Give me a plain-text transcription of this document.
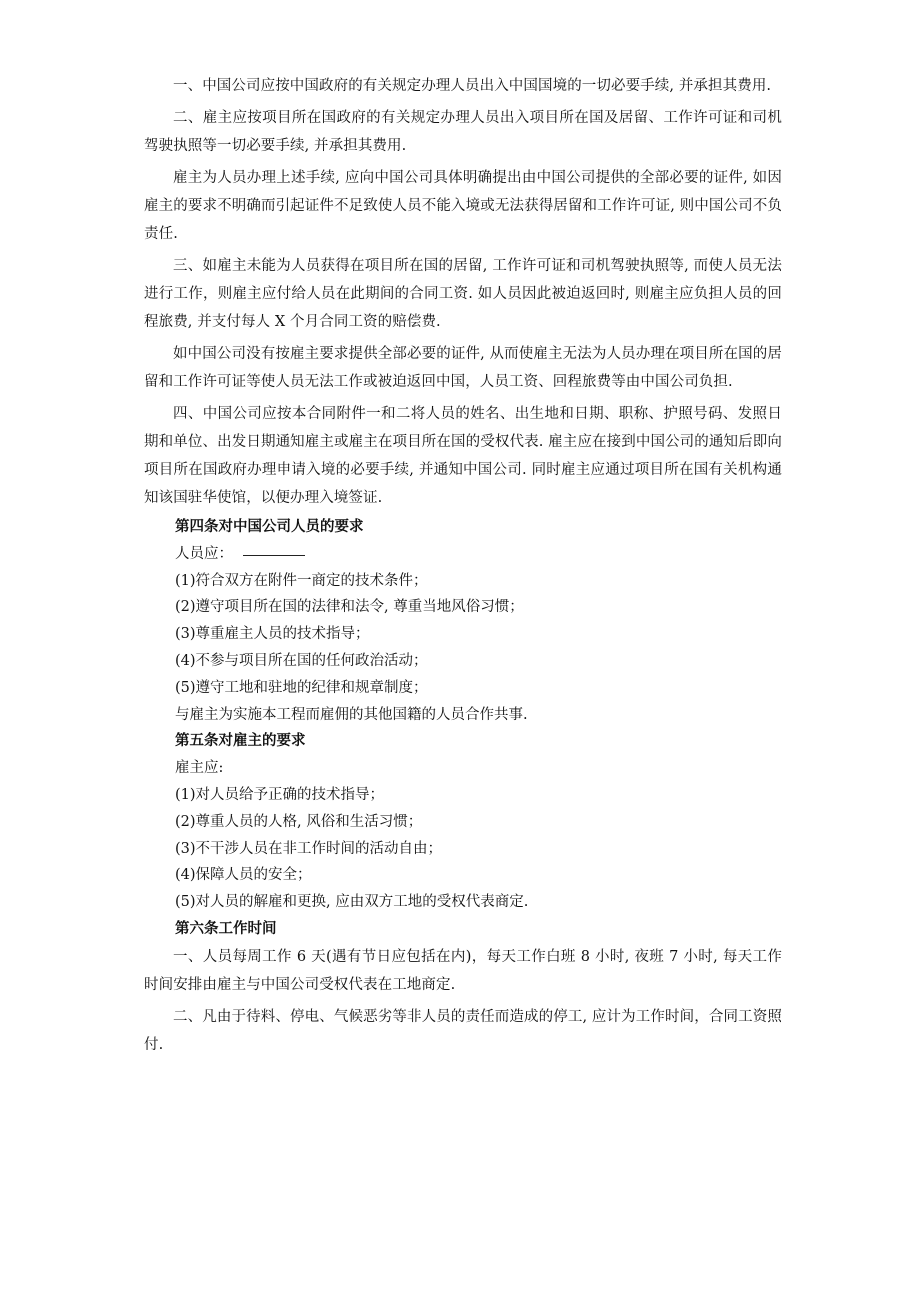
一、中国公司应按中国政府的有关规定办理人员出入中国国境的一切必要手续, 并承担其费用.

二、雇主应按项目所在国政府的有关规定办理人员出入项目所在国及居留、工作许可证和司机驾驶执照等一切必要手续, 并承担其费用.

雇主为人员办理上述手续, 应向中国公司具体明确提出由中国公司提供的全部必要的证件, 如因雇主的要求不明确而引起证件不足致使人员不能入境或无法获得居留和工作许可证, 则中国公司不负责任.

三、如雇主未能为人员获得在项目所在国的居留, 工作许可证和司机驾驶执照等, 而使人员无法进行工作，则雇主应付给人员在此期间的合同工资. 如人员因此被迫返回时, 则雇主应负担人员的回程旅费, 并支付每人 X 个月合同工资的赔偿费.

如中国公司没有按雇主要求提供全部必要的证件, 从而使雇主无法为人员办理在项目所在国的居留和工作许可证等使人员无法工作或被迫返回中国，人员工资、回程旅费等由中国公司负担.

四、中国公司应按本合同附件一和二将人员的姓名、出生地和日期、职称、护照号码、发照日期和单位、出发日期通知雇主或雇主在项目所在国的受权代表. 雇主应在接到中国公司的通知后即向项目所在国政府办理申请入境的必要手续, 并通知中国公司. 同时雇主应通过项目所在国有关机构通知该国驻华使馆，以便办理入境签证.

第四条对中国公司人员的要求

人员应：

(1)符合双方在附件一商定的技术条件；

(2)遵守项目所在国的法律和法令, 尊重当地风俗习惯；

(3)尊重雇主人员的技术指导；

(4)不参与项目所在国的任何政治活动；

(5)遵守工地和驻地的纪律和规章制度；

与雇主为实施本工程而雇佣的其他国籍的人员合作共事.

第五条对雇主的要求

雇主应:

(1)对人员给予正确的技术指导；

(2)尊重人员的人格, 风俗和生活习惯；

(3)不干涉人员在非工作时间的活动自由；

(4)保障人员的安全；

(5)对人员的解雇和更换, 应由双方工地的受权代表商定.

第六条工作时间

一、人员每周工作 6 天(遇有节日应包括在内)，每天工作白班 8 小时, 夜班 7 小时, 每天工作时间安排由雇主与中国公司受权代表在工地商定.

二、凡由于待料、停电、气候恶劣等非人员的责任而造成的停工, 应计为工作时间，合同工资照付.
